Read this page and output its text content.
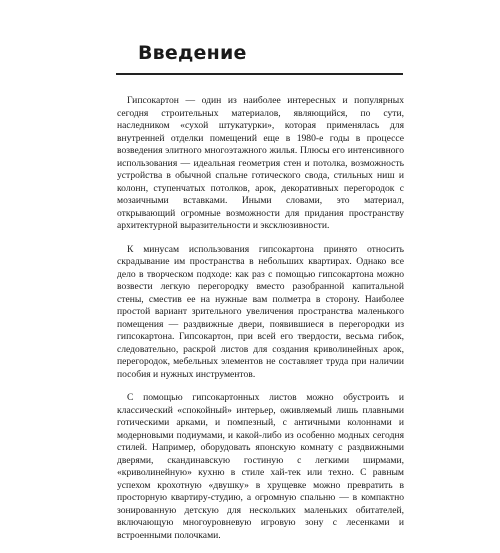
Введение

Гипсокартон — один из наиболее интересных и популярных сегодня строительных материалов, являющийся, по сути, наследником «сухой штукатурки», которая применялась для внутренней отделки помещений еще в 1980-е годы в процессе возведения элитного многоэтажного жилья. Плюсы его интенсивного использования — идеальная геометрия стен и потолка, возможность устройства в обычной спальне готического свода, стильных ниш и колонн, ступенчатых потолков, арок, декоративных перегородок с мозаичными вставками. Иными словами, это материал, открывающий огромные возможности для придания пространству архитектурной выразительности и эксклюзивности.

К минусам использования гипсокартона принято относить скрадывание им пространства в небольших квартирах. Однако все дело в творческом подходе: как раз с помощью гипсокартона можно возвести легкую перегородку вместо разобранной капитальной стены, сместив ее на нужные вам полметра в сторону. Наиболее простой вариант зрительного увеличения пространства маленького помещения — раздвижные двери, появившиеся в перегородки из гипсокартона. Гипсокартон, при всей его твердости, весьма гибок, следовательно, раскрой листов для создания криволинейных арок, перегородок, мебельных элементов не составляет труда при наличии пособия и нужных инструментов.

С помощью гипсокартонных листов можно обустроить и классический «спокойный» интерьер, оживляемый лишь плавными готическими арками, и помпезный, с античными колоннами и модерновыми подиумами, и какой-либо из особенно модных сегодня стилей. Например, оборудовать японскую комнату с раздвижными дверями, скандинавскую гостиную с легкими ширмами, «криволинейную» кухню в стиле хай-тек или техно. С равным успехом крохотную «двушку» в хрущевке можно превратить в просторную квартиру-студию, а огромную спальню — в компактно зонированную детскую для нескольких маленьких обитателей, включающую многоуровневую игровую зону с лесенками и встроенными полочками.
